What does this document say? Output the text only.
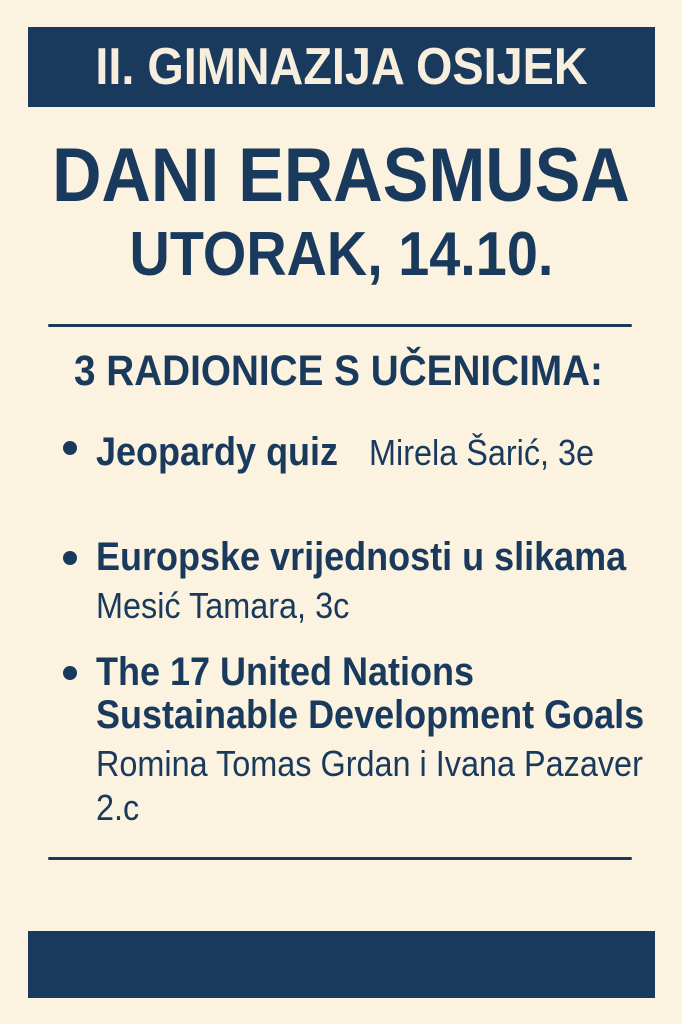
II. GIMNAZIJA OSIJEK
DANI ERASMUSA
UTORAK, 14.10.
3 RADIONICE S UČENICIMA:
Jeopardy quiz
Mirela Šarić, 3e
Europske vrijednosti u slikama

Mesić Tamara, 3c
The 17 United Nations
Sustainable Development Goals

Romina Tomas Grdan i Ivana Pazaver
2.c
